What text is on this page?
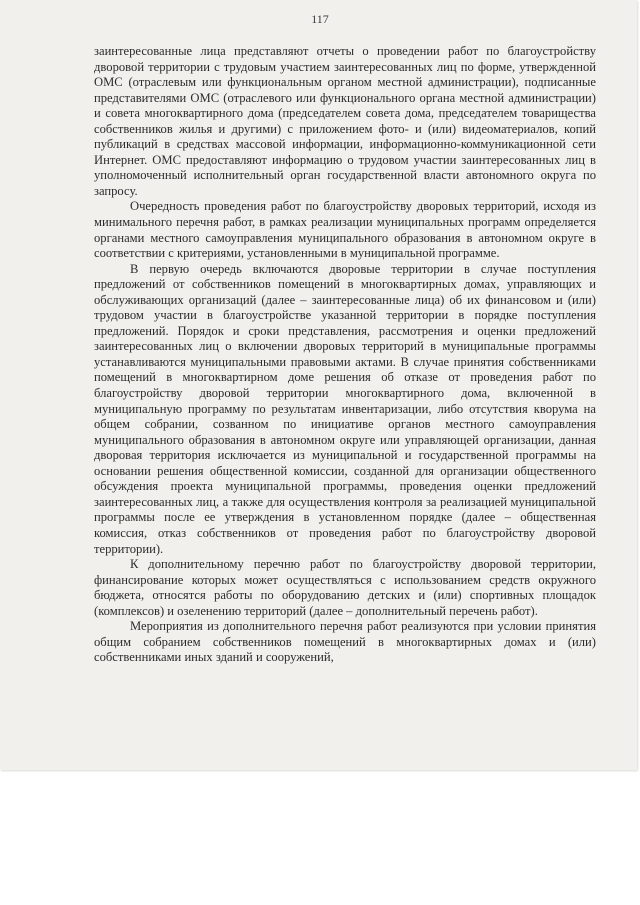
117

заинтересованные лица представляют отчеты о проведении работ по благоустройству дворовой территории с трудовым участием заинтересованных лиц по форме, утвержденной ОМС (отраслевым или функциональным органом местной администрации), подписанные представителями ОМС (отраслевого или функционального органа местной администрации) и совета многоквартирного дома (председателем совета дома, председателем товарищества собственников жилья и другими) с приложением фото- и (или) видеоматериалов, копий публикаций в средствах массовой информации, информационно-коммуникационной сети Интернет. ОМС предоставляют информацию о трудовом участии заинтересованных лиц в уполномоченный исполнительный орган государственной власти автономного округа по запросу.

Очередность проведения работ по благоустройству дворовых территорий, исходя из минимального перечня работ, в рамках реализации муниципальных программ определяется органами местного самоуправления муниципального образования в автономном округе в соответствии с критериями, установленными в муниципальной программе.

В первую очередь включаются дворовые территории в случае поступления предложений от собственников помещений в многоквартирных домах, управляющих и обслуживающих организаций (далее – заинтересованные лица) об их финансовом и (или) трудовом участии в благоустройстве указанной территории в порядке поступления предложений. Порядок и сроки представления, рассмотрения и оценки предложений заинтересованных лиц о включении дворовых территорий в муниципальные программы устанавливаются муниципальными правовыми актами. В случае принятия собственниками помещений в многоквартирном доме решения об отказе от проведения работ по благоустройству дворовой территории многоквартирного дома, включенной в муниципальную программу по результатам инвентаризации, либо отсутствия кворума на общем собрании, созванном по инициативе органов местного самоуправления муниципального образования в автономном округе или управляющей организации, данная дворовая территория исключается из муниципальной и государственной программы на основании решения общественной комиссии, созданной для организации общественного обсуждения проекта муниципальной программы, проведения оценки предложений заинтересованных лиц, а также для осуществления контроля за реализацией муниципальной программы после ее утверждения в установленном порядке (далее – общественная комиссия, отказ собственников от проведения работ по благоустройству дворовой территории).

К дополнительному перечню работ по благоустройству дворовой территории, финансирование которых может осуществляться с использованием средств окружного бюджета, относятся работы по оборудованию детских и (или) спортивных площадок (комплексов) и озеленению территорий (далее – дополнительный перечень работ).

Мероприятия из дополнительного перечня работ реализуются при условии принятия общим собранием собственников помещений в многоквартирных домах и (или) собственниками иных зданий и сооружений,
